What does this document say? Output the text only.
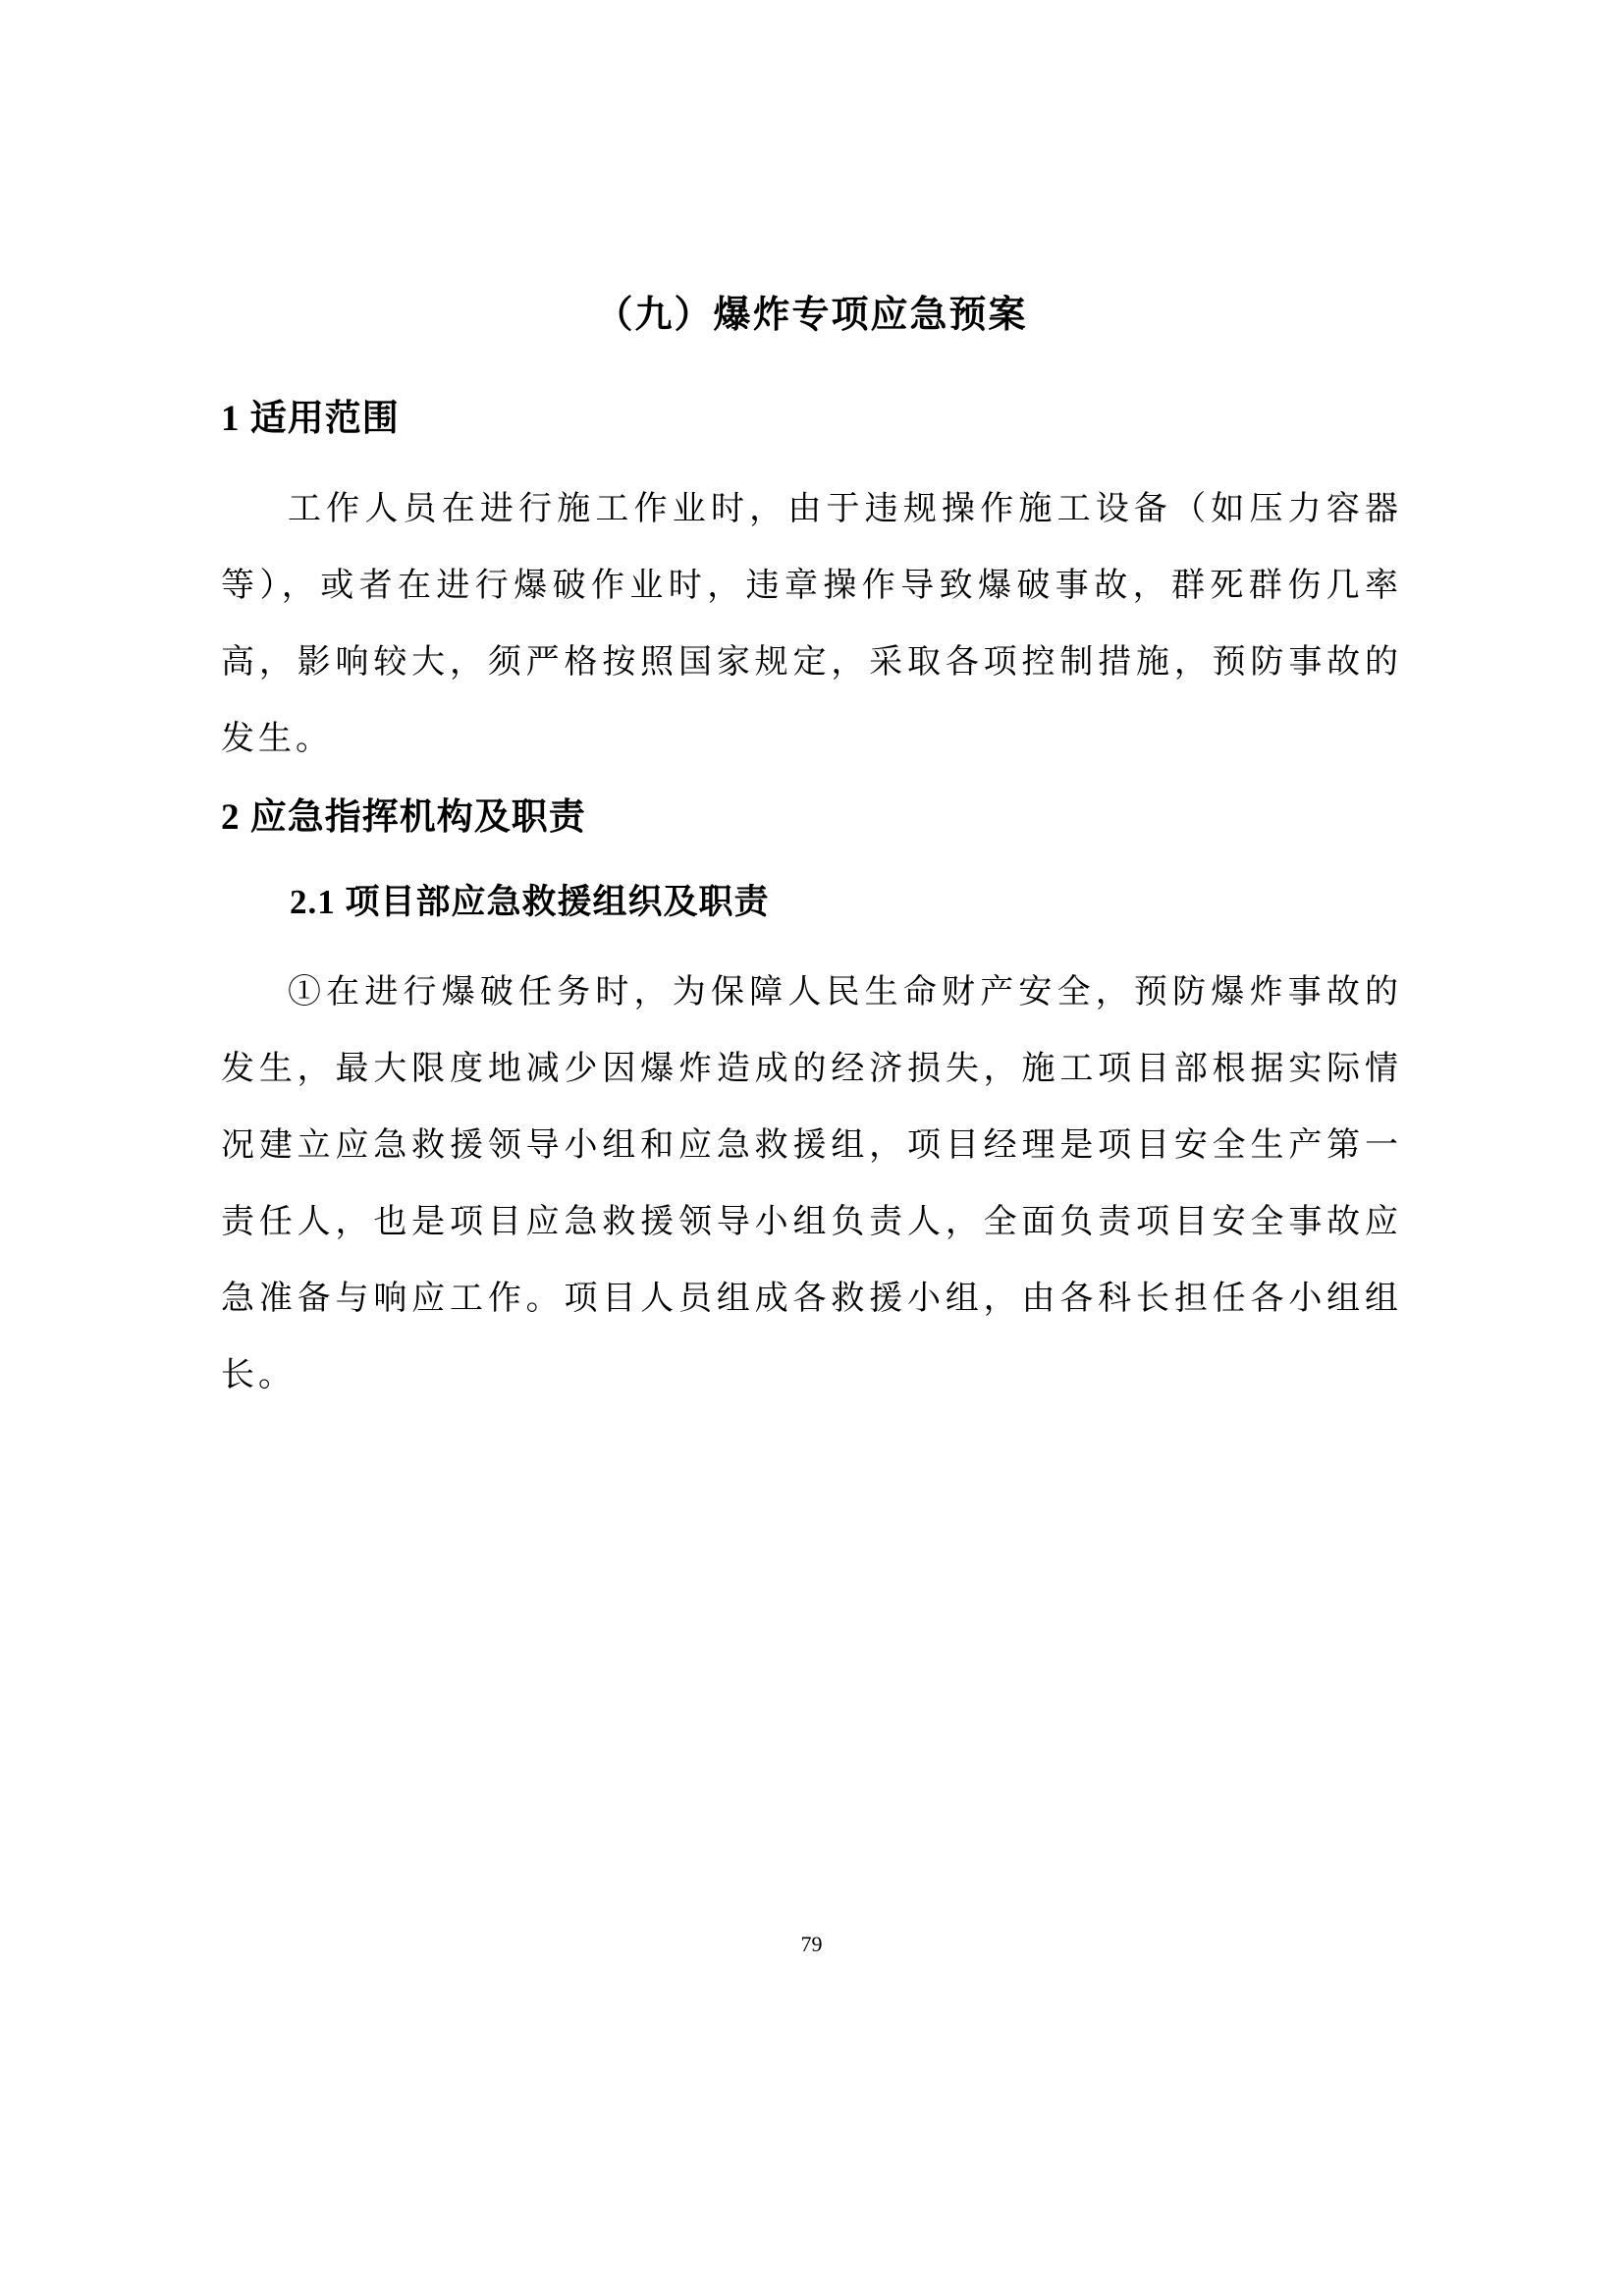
（九）爆炸专项应急预案
1 适用范围

工作人员在进行施工作业时，由于违规操作施工设备（如压力容器等），或者在进行爆破作业时，违章操作导致爆破事故，群死群伤几率高，影响较大，须严格按照国家规定，采取各项控制措施，预防事故的发生。

2 应急指挥机构及职责
2.1 项目部应急救援组织及职责

①在进行爆破任务时，为保障人民生命财产安全，预防爆炸事故的发生，最大限度地减少因爆炸造成的经济损失，施工项目部根据实际情况建立应急救援领导小组和应急救援组，项目经理是项目安全生产第一责任人，也是项目应急救援领导小组负责人，全面负责项目安全事故应急准备与响应工作。项目人员组成各救援小组，由各科长担任各小组组长。

79
